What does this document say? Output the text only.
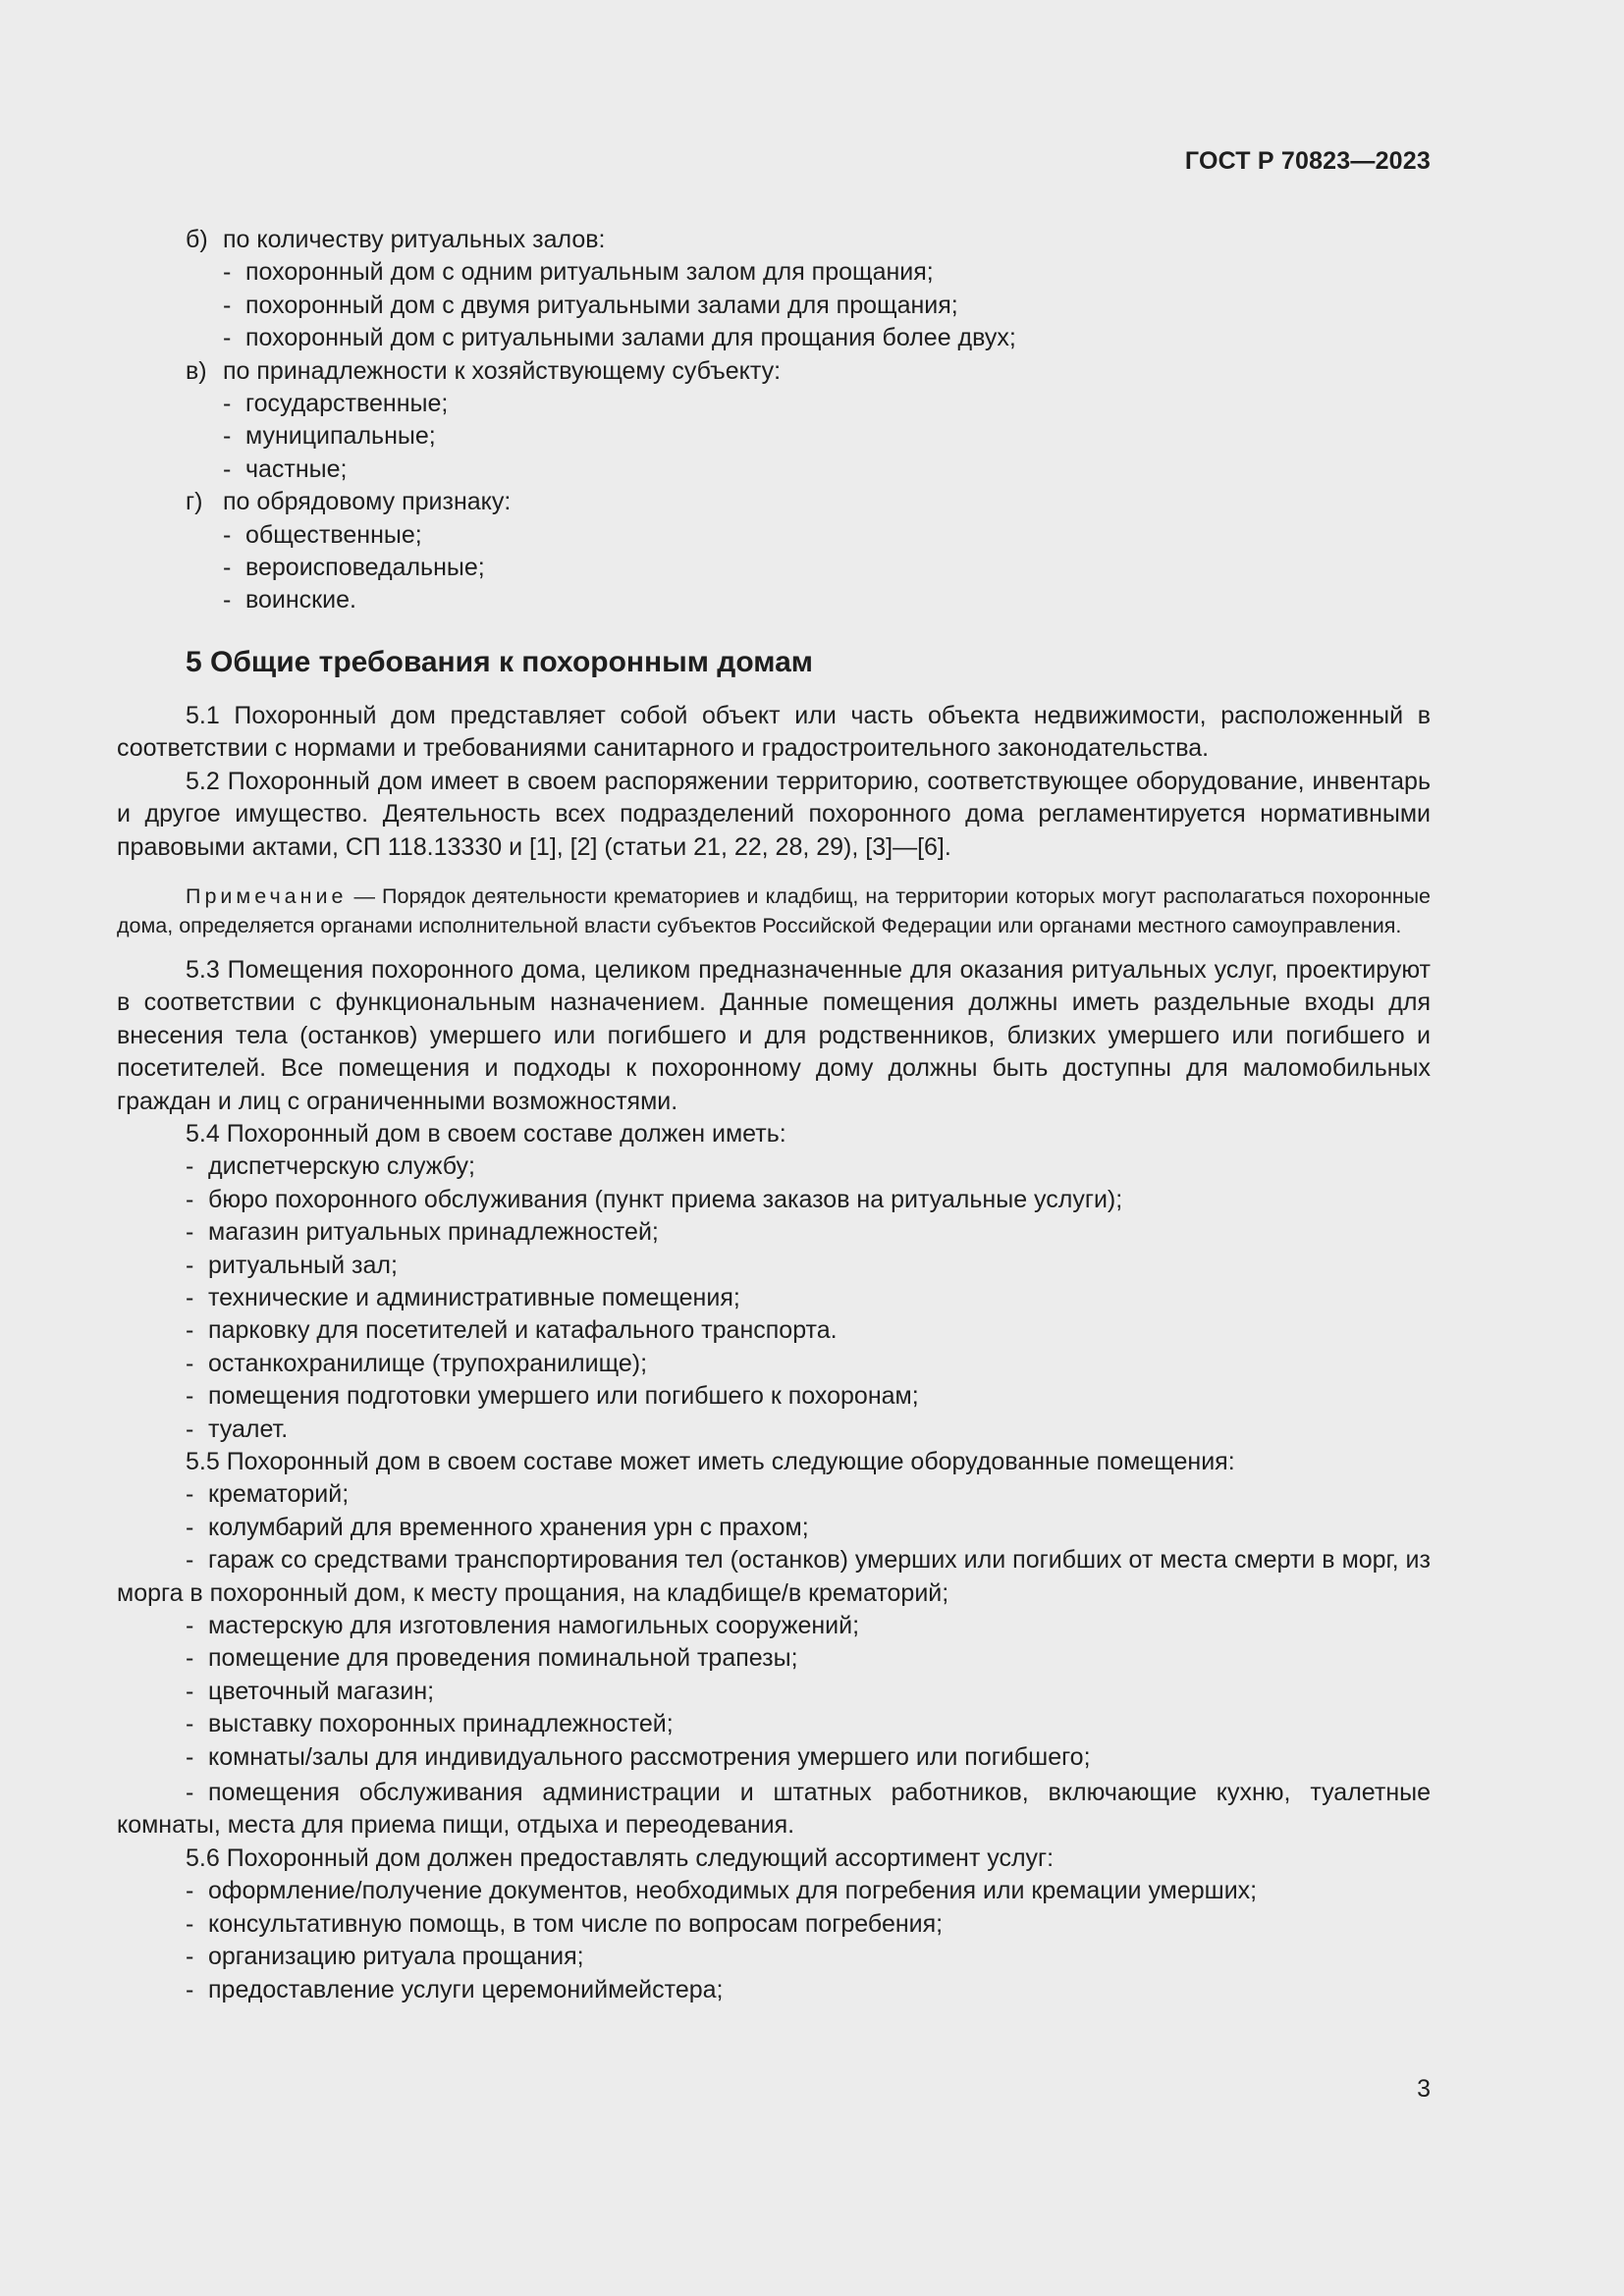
ГОСТ Р 70823—2023
б) по количеству ритуальных залов:
- похоронный дом с одним ритуальным залом для прощания;
- похоронный дом с двумя ритуальными залами для прощания;
- похоронный дом с ритуальными залами для прощания более двух;
в) по принадлежности к хозяйствующему субъекту:
- государственные;
- муниципальные;
- частные;
г) по обрядовому признаку:
- общественные;
- вероисповедальные;
- воинские.
5 Общие требования к похоронным домам

5.1 Похоронный дом представляет собой объект или часть объекта недвижимости, расположенный в соответствии с нормами и требованиями санитарного и градостроительного законодательства.

5.2 Похоронный дом имеет в своем распоряжении территорию, соответствующее оборудование, инвентарь и другое имущество. Деятельность всех подразделений похоронного дома регламентируется нормативными правовыми актами, СП 118.13330 и [1], [2] (статьи 21, 22, 28, 29), [3]—[6].

Примечание — Порядок деятельности крематориев и кладбищ, на территории которых могут располагаться похоронные дома, определяется органами исполнительной власти субъектов Российской Федерации или органами местного самоуправления.

5.3 Помещения похоронного дома, целиком предназначенные для оказания ритуальных услуг, проектируют в соответствии с функциональным назначением. Данные помещения должны иметь раздельные входы для внесения тела (останков) умершего или погибшего и для родственников, близких умершего или погибшего и посетителей. Все помещения и подходы к похоронному дому должны быть доступны для маломобильных граждан и лиц с ограниченными возможностями.

5.4 Похоронный дом в своем составе должен иметь:

- диспетчерскую службу;
- бюро похоронного обслуживания (пункт приема заказов на ритуальные услуги);
- магазин ритуальных принадлежностей;
- ритуальный зал;
- технические и административные помещения;
- парковку для посетителей и катафального транспорта.
- останкохранилище (трупохранилище);
- помещения подготовки умершего или погибшего к похоронам;
- туалет.

5.5 Похоронный дом в своем составе может иметь следующие оборудованные помещения:

- крематорий;
- колумбарий для временного хранения урн с прахом;
- гараж со средствами транспортирования тел (останков) умерших или погибших от места смерти в морг, из морга в похоронный дом, к месту прощания, на кладбище/в крематорий;
- мастерскую для изготовления намогильных сооружений;
- помещение для проведения поминальной трапезы;
- цветочный магазин;
- выставку похоронных принадлежностей;
- комнаты/залы для индивидуального рассмотрения умершего или погибшего;
- помещения обслуживания администрации и штатных работников, включающие кухню, туалетные комнаты, места для приема пищи, отдыха и переодевания.

5.6 Похоронный дом должен предоставлять следующий ассортимент услуг:

- оформление/получение документов, необходимых для погребения или кремации умерших;
- консультативную помощь, в том числе по вопросам погребения;
- организацию ритуала прощания;
- предоставление услуги церемониймейстера;
3
